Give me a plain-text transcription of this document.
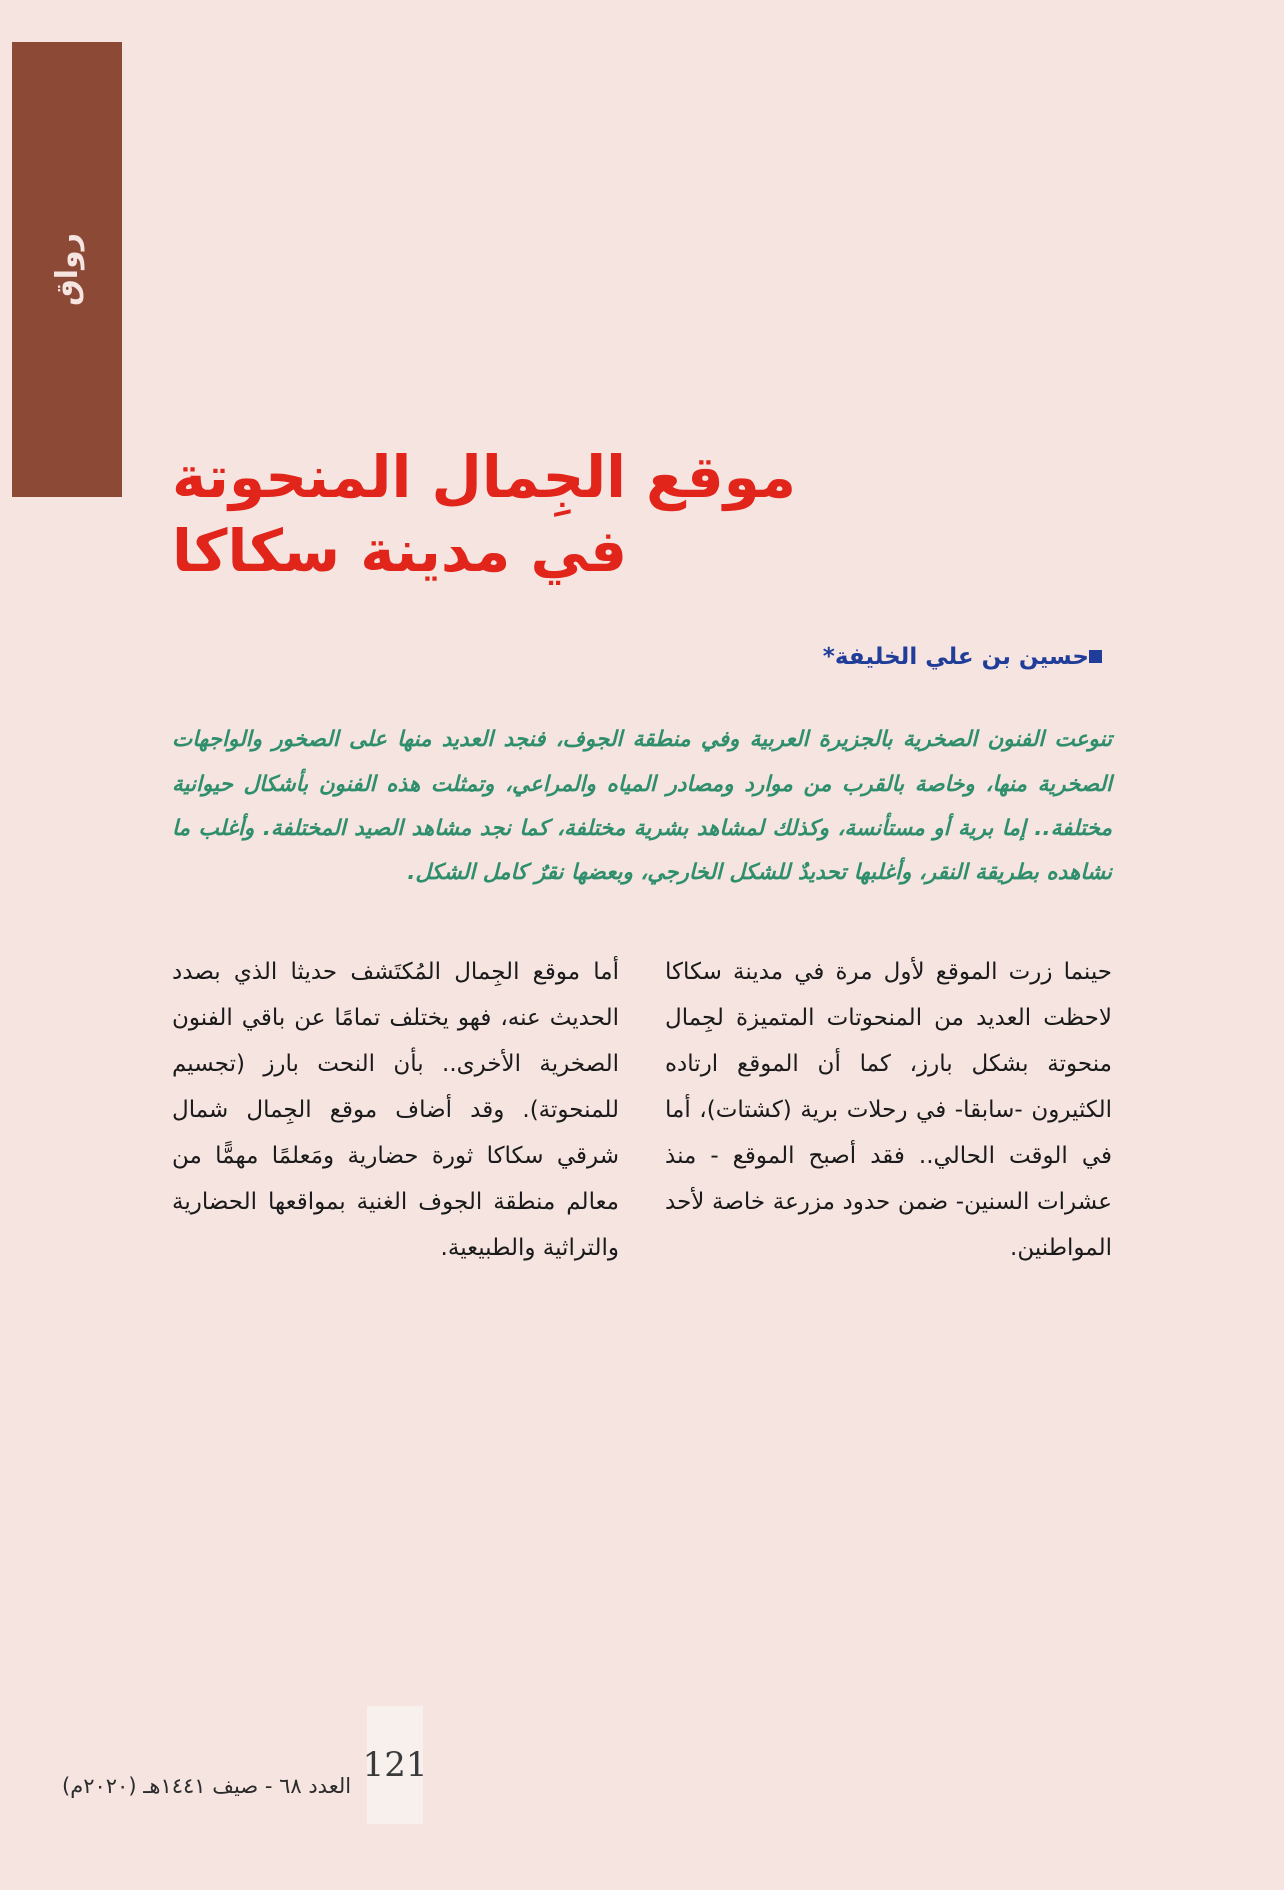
رواق
موقع الجِمال المنحوتة
في مدينة سكاكا
حسين بن علي الخليفة*
تنوعت الفنون الصخرية بالجزيرة العربية وفي منطقة الجوف، فنجد العديد منها على الصخور والواجهات الصخرية منها، وخاصة بالقرب من موارد ومصادر المياه والمراعي، وتمثلت هذه الفنون بأشكال حيوانية مختلفة.. إما برية أو مستأنسة، وكذلك لمشاهد بشرية مختلفة، كما نجد مشاهد الصيد المختلفة. وأغلب ما نشاهده بطريقة النقر، وأغلبها تحديدٌ للشكل الخارجي، وبعضها نقرٌ كامل الشكل.

أما موقع الجِمال المُكتَشف حديثا الذي بصدد الحديث عنه، فهو يختلف تمامًا عن باقي الفنون الصخرية الأخرى.. بأن النحت بارز (تجسيم للمنحوتة). وقد أضاف موقع الجِمال شمال شرقي سكاكا ثورة حضارية ومَعلمًا مهمًّا من معالم منطقة الجوف الغنية بمواقعها الحضارية والتراثية والطبيعية.

حينما زرت الموقع لأول مرة في مدينة سكاكا لاحظت العديد من المنحوتات المتميزة لجِمال منحوتة بشكل بارز، كما أن الموقع ارتاده الكثيرون -سابقا- في رحلات برية (كشتات)، أما في الوقت الحالي.. فقد أصبح الموقع - منذ عشرات السنين- ضمن حدود مزرعة خاصة لأحد المواطنين.

121
العدد ٦٨ - صيف ١٤٤١هـ (٢٠٢٠م)
